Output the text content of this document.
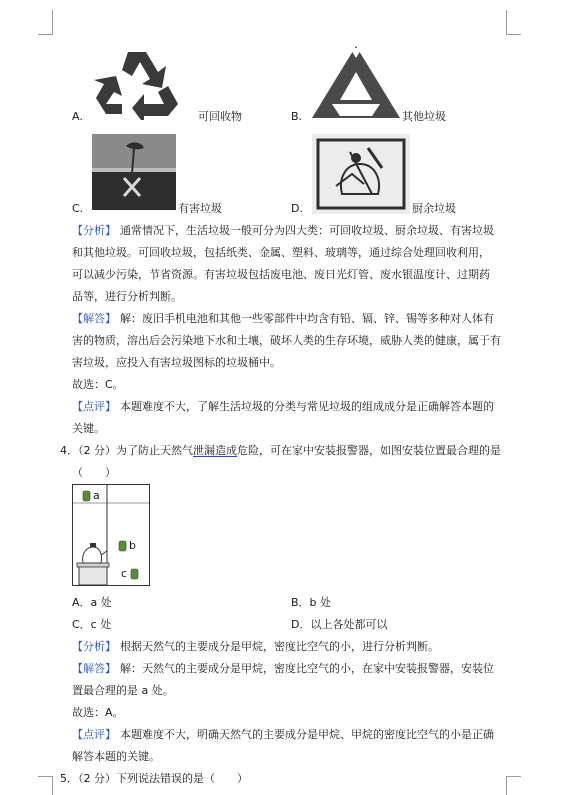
A.	可回收物	B.	其他垃圾
C.	有害垃圾	D.	厨余垃圾
【分析】 通常情况下，生活垃圾一般可分为四大类：可回收垃圾、厨余垃圾、有害垃圾
和其他垃圾。可回收垃圾，包括纸类、金属、塑料、玻璃等，通过综合处理回收利用，
可以减少污染，节省资源。有害垃圾包括废电池、废日光灯管、废水银温度计、过期药
品等，进行分析判断。
【解答】 解：废旧手机电池和其他一些零部件中均含有铅、镉、锌、锡等多种对人体有
害的物质，溶出后会污染地下水和土壤，破坏人类的生存环境，威胁人类的健康，属于有
害垃圾，应投入有害垃圾图标的垃圾桶中。
故选：C。
【点评】 本题难度不大，了解生活垃圾的分类与常见垃圾的组成成分是正确解答本题的
关键。
4．（2 分）为了防止天然气泄漏造成危险，可在家中安装报警器，如图安装位置最合理的是
（　　）
a
b
c
A．a 处	B．b 处
C．c 处	D．以上各处都可以
【分析】 根据天然气的主要成分是甲烷，密度比空气的小，进行分析判断。
【解答】 解：天然气的主要成分是甲烷，密度比空气的小，在家中安装报警器，安装位
置最合理的是 a 处。
故选：A。
【点评】 本题难度不大，明确天然气的主要成分是甲烷、甲烷的密度比空气的小是正确
解答本题的关键。
5．（2 分）下列说法错误的是（　　）
